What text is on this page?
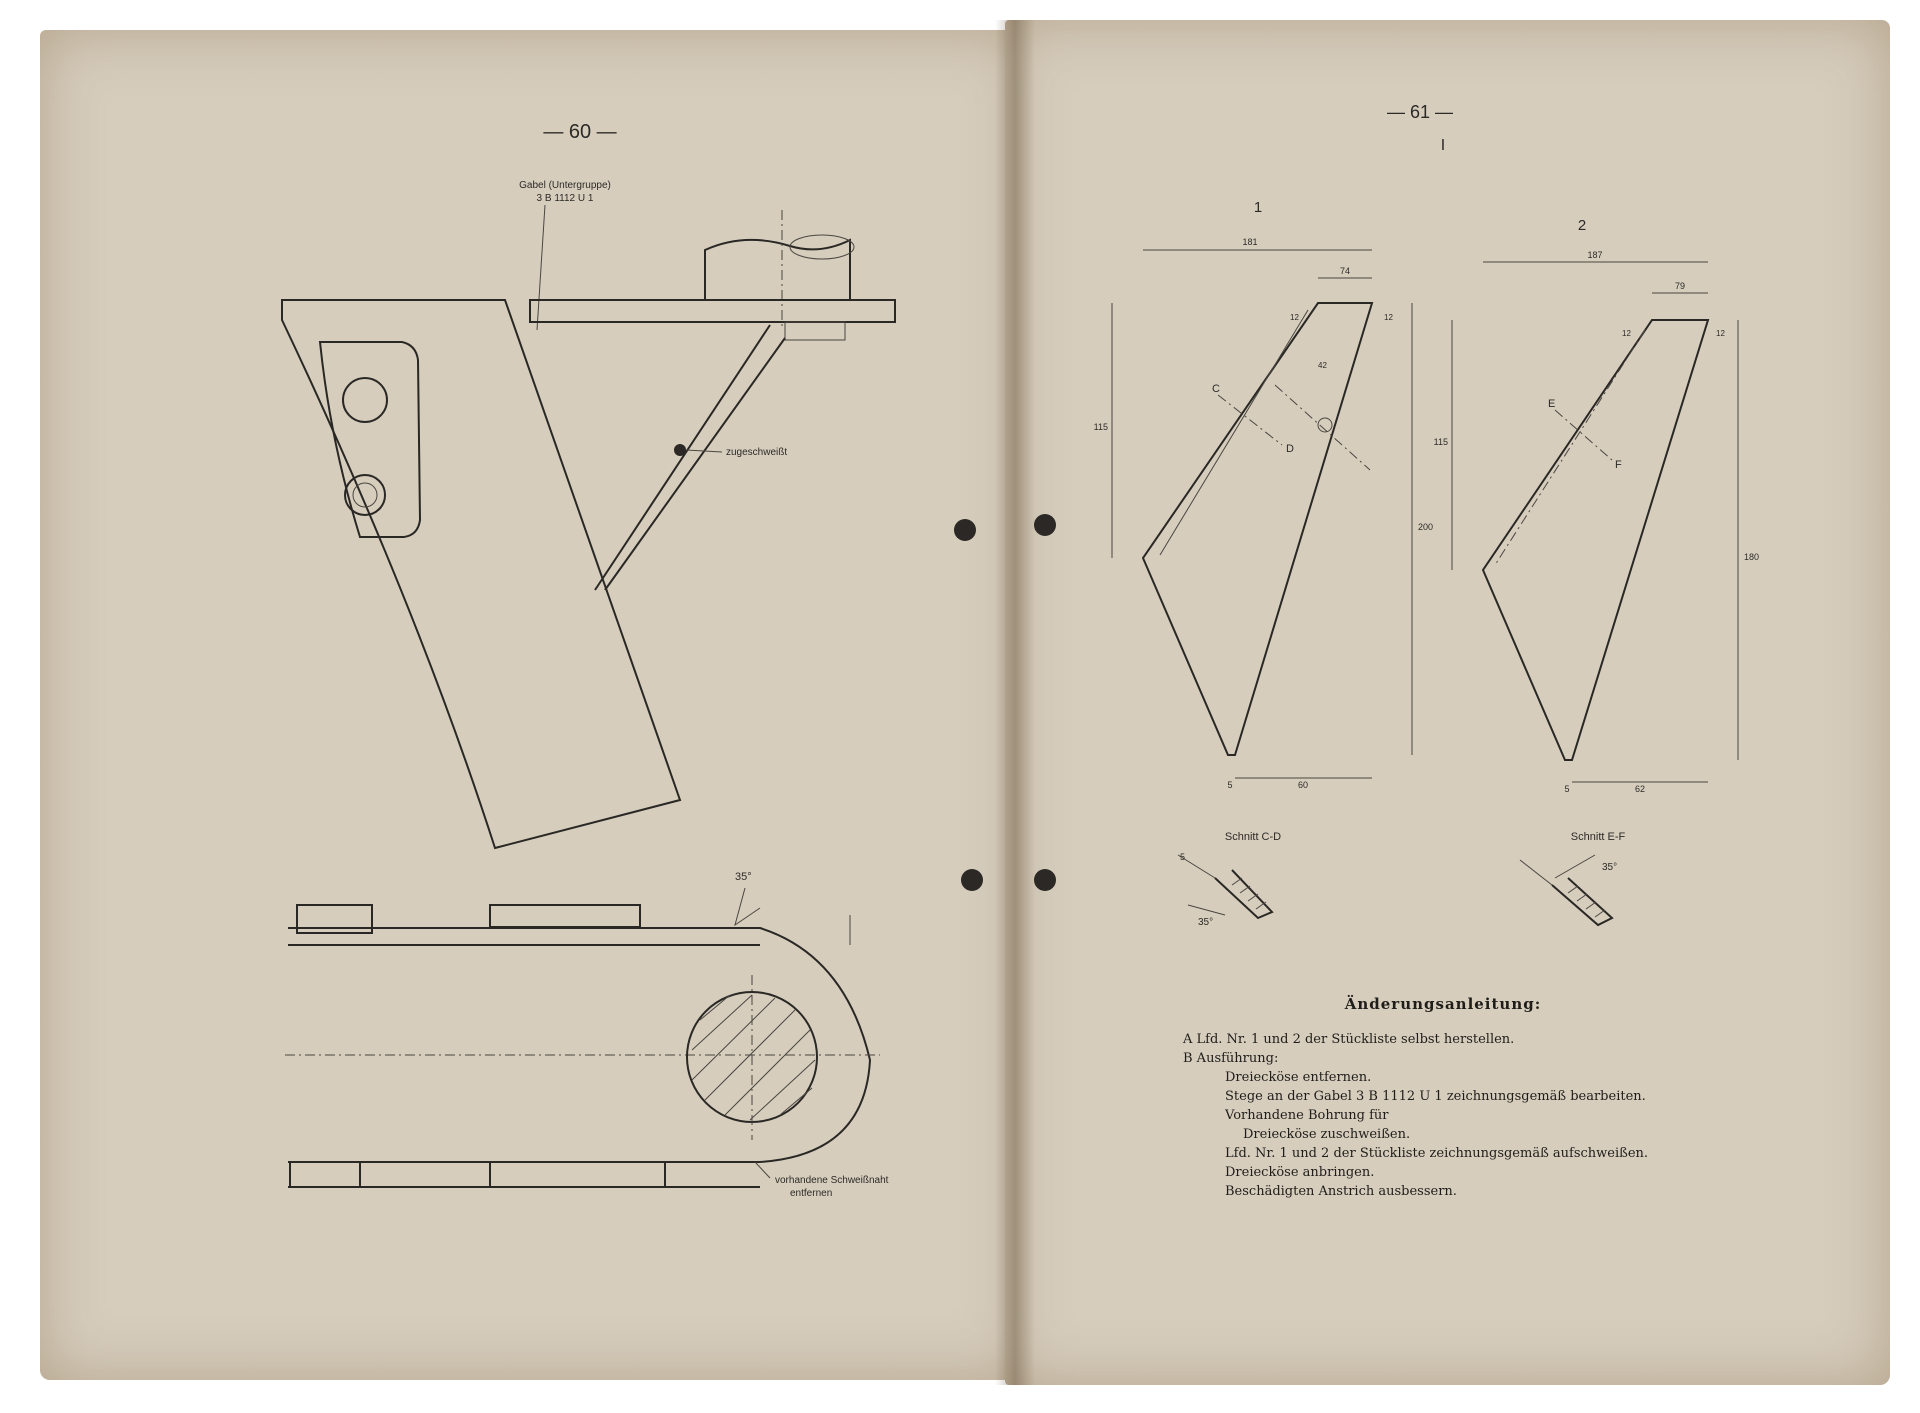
— 60 —
— 61 —
I
Gabel (Untergruppe)
3 B 1112 U 1
zugeschweißt
35°
vorhandene Schweißnaht
entfernen
1
181
74
115
200
60
5
12	12
42
C
D
2
187
79
115
180
62
5
12	12
E
F
Schnitt C-D
35°
5
Schnitt E-F
35°
Änderungsanleitung:

A Lfd. Nr. 1 und 2 der Stückliste selbst herstellen.

B Ausführung:

Dreiecköse entfernen.

Stege an der Gabel 3 B 1112 U 1 zeichnungsgemäß bearbeiten. Vorhandene Bohrung für

Dreiecköse zuschweißen.

Lfd. Nr. 1 und 2 der Stückliste zeichnungsgemäß aufschweißen. Dreiecköse anbringen.

Beschädigten Anstrich ausbessern.
